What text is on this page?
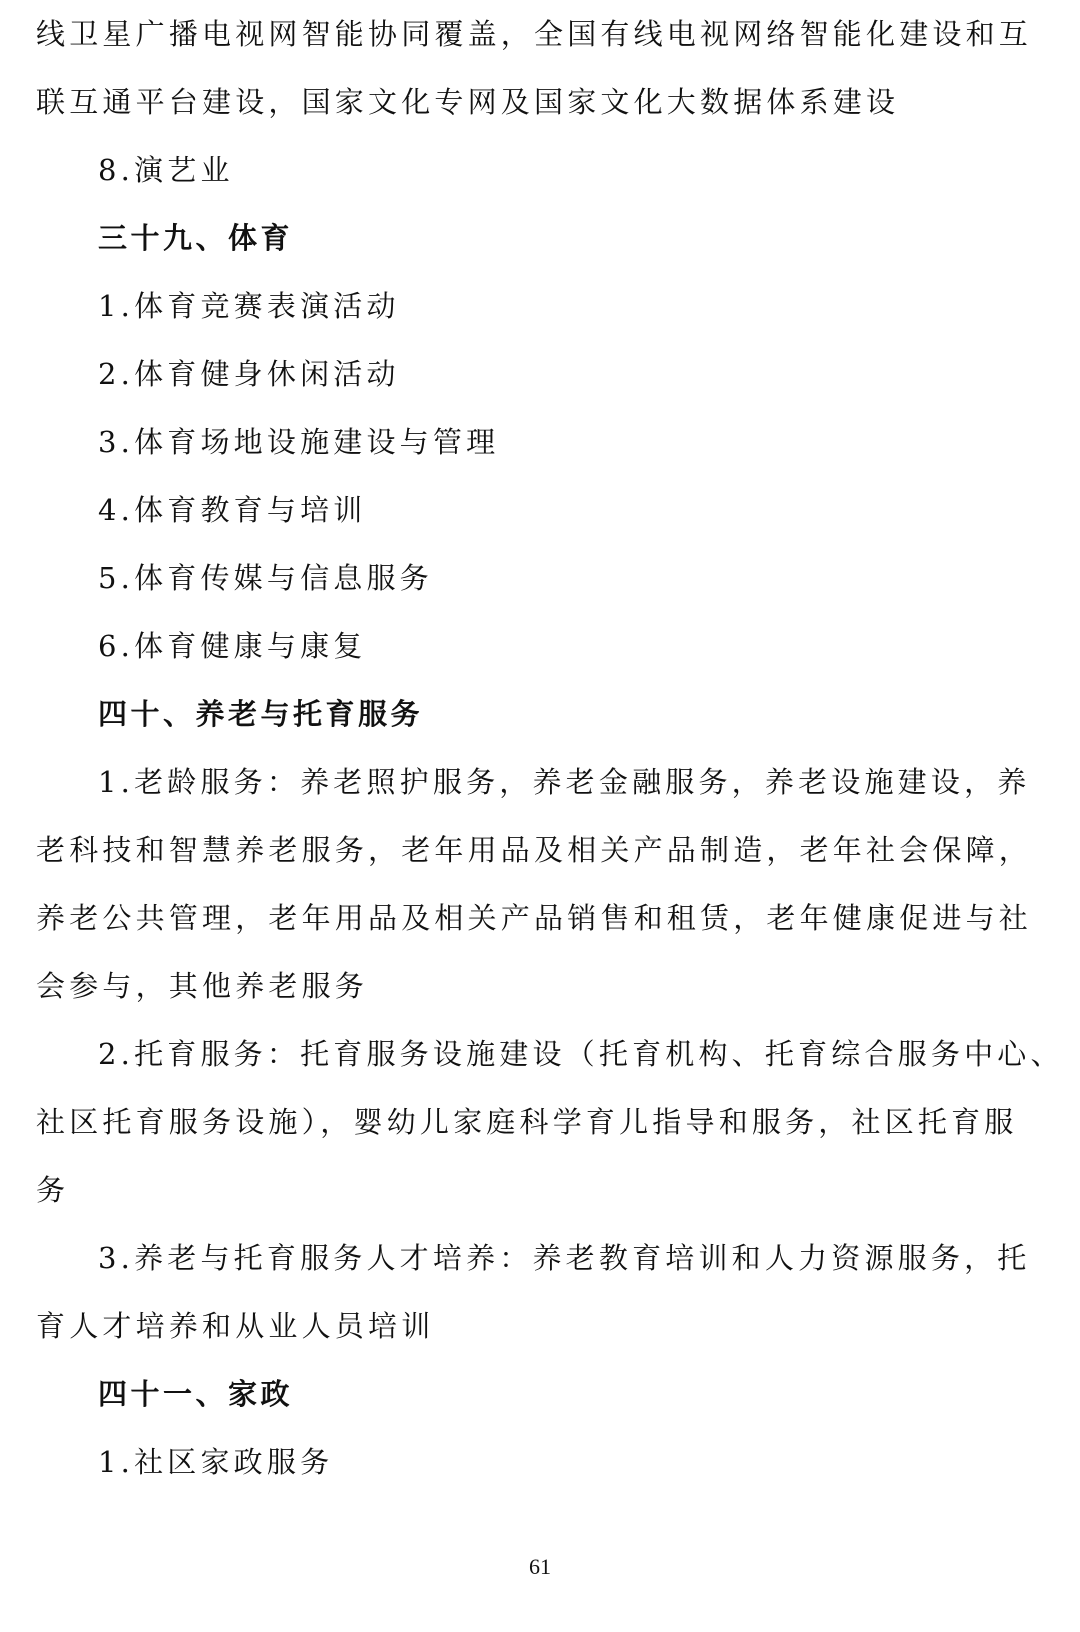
线卫星广播电视网智能协同覆盖，全国有线电视网络智能化建设和互

联互通平台建设，国家文化专网及国家文化大数据体系建设

8.演艺业

三十九、体育

1.体育竞赛表演活动

2.体育健身休闲活动

3.体育场地设施建设与管理

4.体育教育与培训

5.体育传媒与信息服务

6.体育健康与康复

四十、养老与托育服务

1.老龄服务：养老照护服务，养老金融服务，养老设施建设，养

老科技和智慧养老服务，老年用品及相关产品制造，老年社会保障，

养老公共管理，老年用品及相关产品销售和租赁，老年健康促进与社

会参与，其他养老服务

2.托育服务：托育服务设施建设（托育机构、托育综合服务中心、

社区托育服务设施），婴幼儿家庭科学育儿指导和服务，社区托育服

务

3.养老与托育服务人才培养：养老教育培训和人力资源服务，托

育人才培养和从业人员培训

四十一、家政

1.社区家政服务

61
